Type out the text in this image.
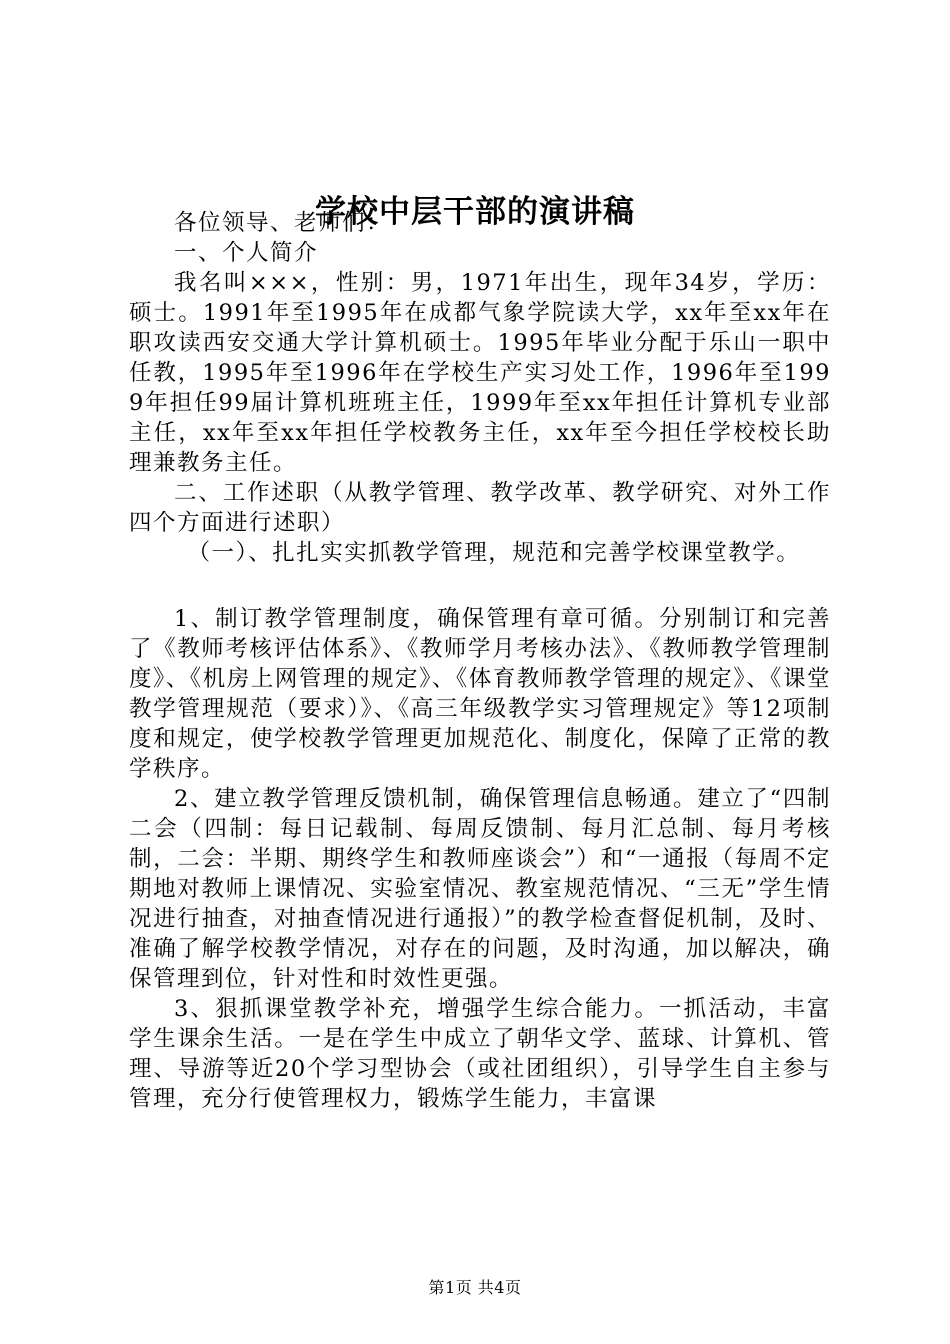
学校中层干部的演讲稿

各位领导、老师们：

一、个人简介

我名叫×××，性别：男，1971年出生，现年34岁，学历：硕士。1991年至1995年在成都气象学院读大学，xx年至xx年在职攻读西安交通大学计算机硕士。1995年毕业分配于乐山一职中任教，1995年至1996年在学校生产实习处工作，1996年至1999年担任99届计算机班班主任，1999年至xx年担任计算机专业部主任，xx年至xx年担任学校教务主任，xx年至今担任学校校长助理兼教务主任。

二、工作述职（从教学管理、教学改革、教学研究、对外工作四个方面进行述职）

（一）、扎扎实实抓教学管理，规范和完善学校课堂教学。

1、制订教学管理制度，确保管理有章可循。分别制订和完善了《教师考核评估体系》、《教师学月考核办法》、《教师教学管理制度》、《机房上网管理的规定》、《体育教师教学管理的规定》、《课堂教学管理规范（要求）》、《高三年级教学实习管理规定》等12项制度和规定，使学校教学管理更加规范化、制度化，保障了正常的教学秩序。

2、建立教学管理反馈机制，确保管理信息畅通。建立了“四制二会（四制：每日记载制、每周反馈制、每月汇总制、每月考核制，二会：半期、期终学生和教师座谈会”）和“一通报（每周不定期地对教师上课情况、实验室情况、教室规范情况、“三无”学生情况进行抽查，对抽查情况进行通报）”的教学检查督促机制，及时、准确了解学校教学情况，对存在的问题，及时沟通，加以解决，确保管理到位，针对性和时效性更强。

3、狠抓课堂教学补充，增强学生综合能力。一抓活动，丰富学生课余生活。一是在学生中成立了朝华文学、蓝球、计算机、管理、导游等近20个学习型协会（或社团组织），引导学生自主参与管理，充分行使管理权力，锻炼学生能力，丰富课

第1页 共4页
